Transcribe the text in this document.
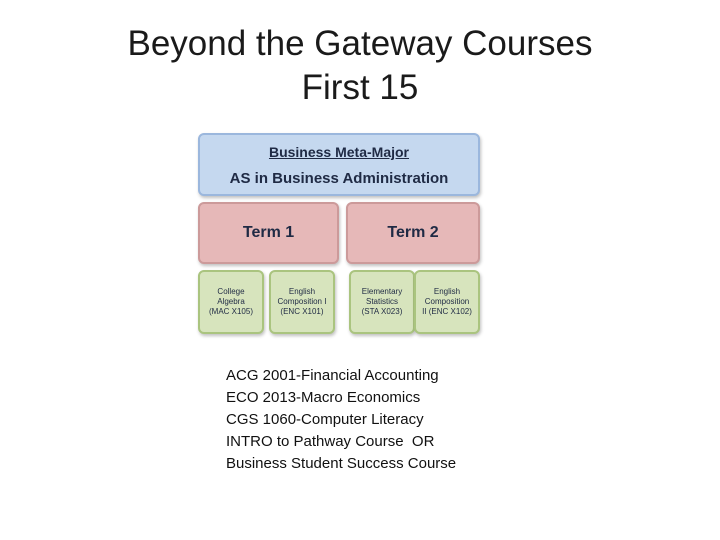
Beyond the Gateway Courses
First 15
Business Meta-Major
AS in Business Administration
Term 1	Term 2
College
Algebra
(MAC X105)
English
Composition I
(ENC X101)
Elementary
Statistics
(STA X023)
English
Composition
II (ENC X102)
ACG 2001-Financial Accounting
ECO 2013-Macro Economics
CGS 1060-Computer Literacy
INTRO to Pathway Course  OR
Business Student Success Course
